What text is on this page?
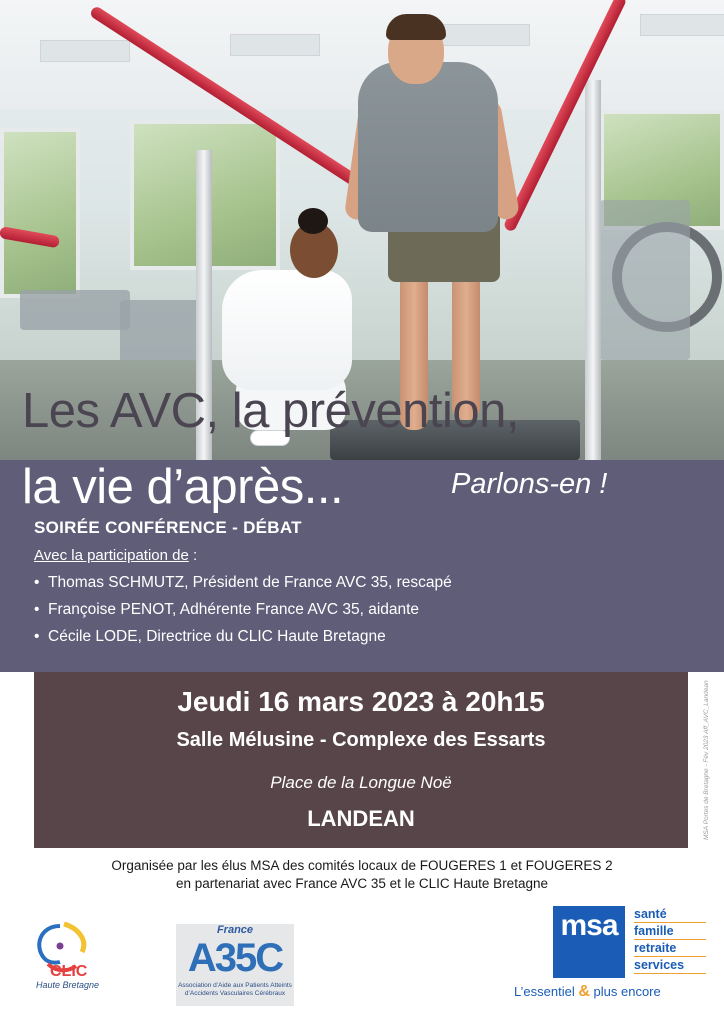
Les AVC, la prévention,
la vie d’après...	Parlons-en !
SOIRÉE CONFÉRENCE - DÉBAT
Avec la participation de :
• Thomas SCHMUTZ, Président de France AVC 35, rescapé
• Françoise PENOT, Adhérente France AVC 35, aidante
• Cécile LODE, Directrice du CLIC Haute Bretagne
Jeudi 16 mars 2023 à 20h15
Salle Mélusine - Complexe des Essarts
Place de la Longue Noë
LANDEAN	MSA Portes de Bretagne - Fév 2023 Aff_AVC_Landean
Organisée par les élus MSA des comités locaux de FOUGERES 1 et FOUGERES 2
en partenariat avec France AVC 35 et le CLIC Haute Bretagne
CLIC
Haute Bretagne
France
A35C
Association d’Aide aux Patients Atteints d’Accidents Vasculaires Cérébraux
msa	santé
famille
retraite
services
L’essentiel & plus encore
